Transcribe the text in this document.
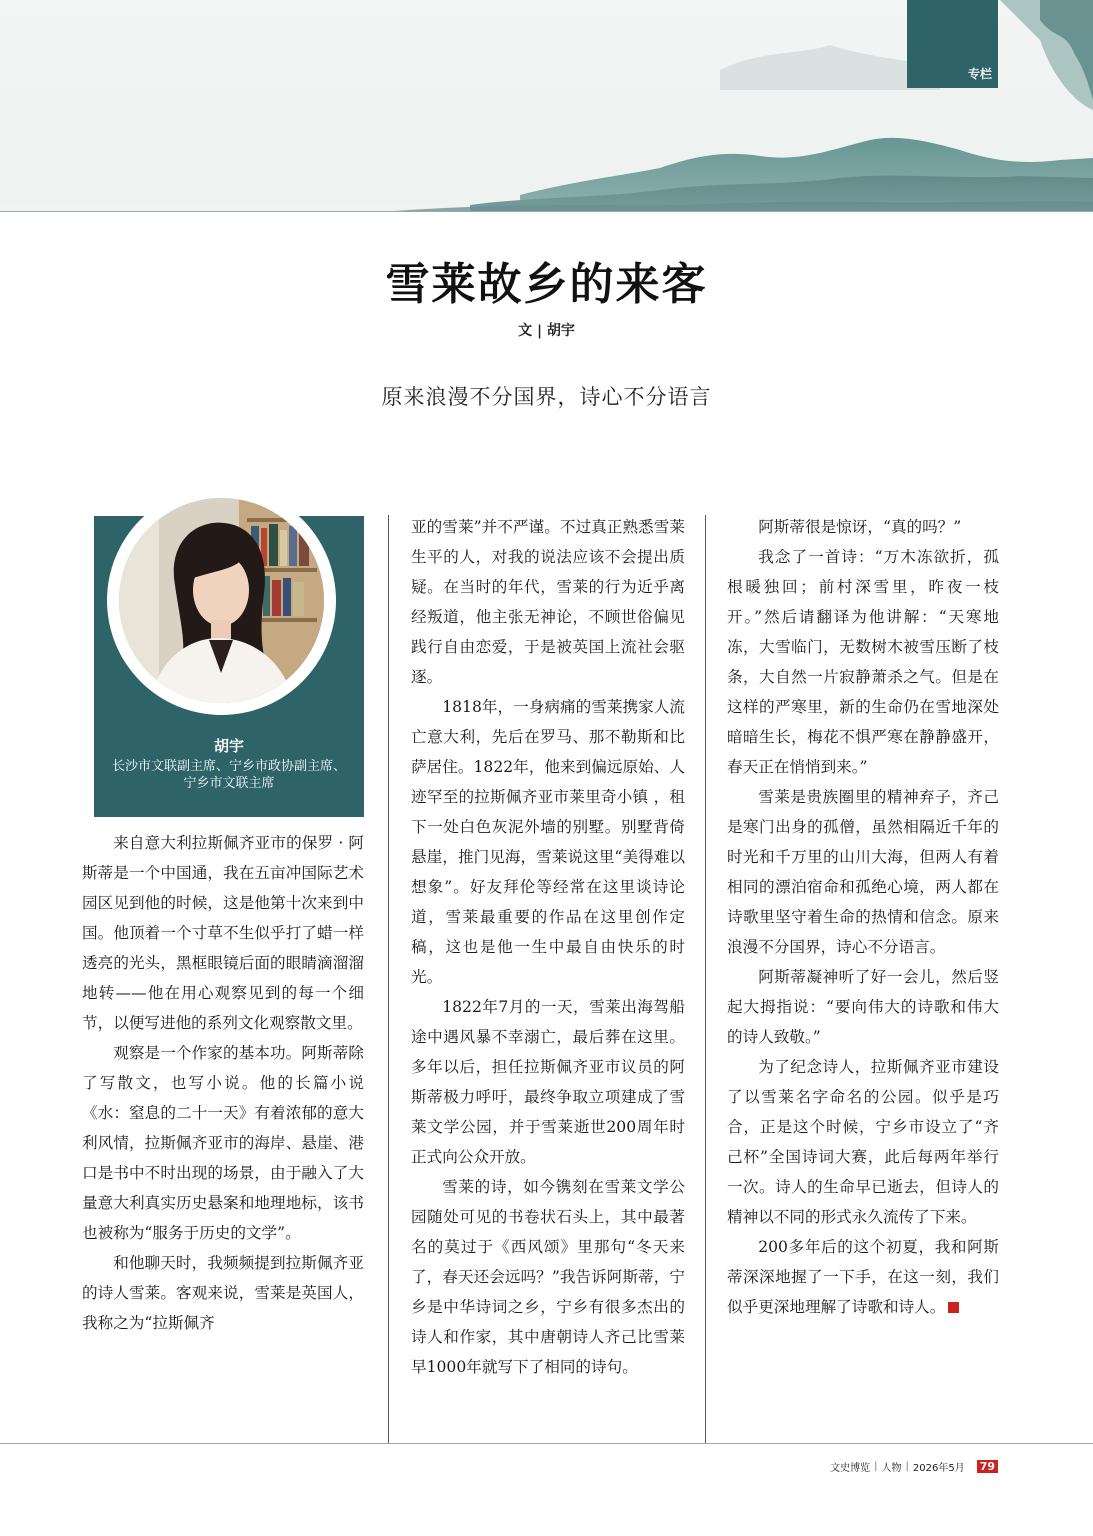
专栏
雪莱故乡的来客
文 | 胡宇
原来浪漫不分国界，诗心不分语言
胡宇
长沙市文联副主席、宁乡市政协副主席、
宁乡市文联主席

来自意大利拉斯佩齐亚市的保罗 · 阿斯蒂是一个中国通，我在五亩冲国际艺术园区见到他的时候，这是他第十次来到中国。他顶着一个寸草不生似乎打了蜡一样透亮的光头，黑框眼镜后面的眼睛滴溜溜地转——他在用心观察见到的每一个细节，以便写进他的系列文化观察散文里。

观察是一个作家的基本功。阿斯蒂除了写散文，也写小说。他的长篇小说《水：窒息的二十一天》有着浓郁的意大利风情，拉斯佩齐亚市的海岸、悬崖、港口是书中不时出现的场景，由于融入了大量意大利真实历史悬案和地理地标，该书也被称为“服务于历史的文学”。

和他聊天时，我频频提到拉斯佩齐亚的诗人雪莱。客观来说，雪莱是英国人，我称之为“拉斯佩齐

亚的雪莱”并不严谨。不过真正熟悉雪莱生平的人，对我的说法应该不会提出质疑。在当时的年代，雪莱的行为近乎离经叛道，他主张无神论，不顾世俗偏见践行自由恋爱，于是被英国上流社会驱逐。

1818年，一身病痛的雪莱携家人流亡意大利，先后在罗马、那不勒斯和比萨居住。1822年，他来到偏远原始、人迹罕至的拉斯佩齐亚市莱里奇小镇 ，租下一处白色灰泥外墙的别墅。别墅背倚悬崖，推门见海，雪莱说这里“美得难以想象”。好友拜伦等经常在这里谈诗论道，雪莱最重要的作品在这里创作定稿，这也是他一生中最自由快乐的时光。

1822年7月的一天，雪莱出海驾船途中遇风暴不幸溺亡，最后葬在这里。多年以后，担任拉斯佩齐亚市议员的阿斯蒂极力呼吁，最终争取立项建成了雪莱文学公园，并于雪莱逝世200周年时正式向公众开放。

雪莱的诗，如今镌刻在雪莱文学公园随处可见的书卷状石头上，其中最著名的莫过于《西风颂》里那句“冬天来了，春天还会远吗？”我告诉阿斯蒂，宁乡是中华诗词之乡，宁乡有很多杰出的诗人和作家，其中唐朝诗人齐己比雪莱早1000年就写下了相同的诗句。

阿斯蒂很是惊讶，“真的吗？”

我念了一首诗：“万木冻欲折，孤根暖独回；前村深雪里，昨夜一枝开。”然后请翻译为他讲解：“天寒地冻，大雪临门，无数树木被雪压断了枝条，大自然一片寂静萧杀之气。但是在这样的严寒里，新的生命仍在雪地深处暗暗生长，梅花不惧严寒在静静盛开，春天正在悄悄到来。”

雪莱是贵族圈里的精神弃子，齐己是寒门出身的孤僧，虽然相隔近千年的时光和千万里的山川大海，但两人有着相同的漂泊宿命和孤绝心境，两人都在诗歌里坚守着生命的热情和信念。原来浪漫不分国界，诗心不分语言。

阿斯蒂凝神听了好一会儿，然后竖起大拇指说：“要向伟大的诗歌和伟大的诗人致敬。”

为了纪念诗人，拉斯佩齐亚市建设了以雪莱名字命名的公园。似乎是巧合，正是这个时候，宁乡市设立了“齐己杯”全国诗词大赛，此后每两年举行一次。诗人的生命早已逝去，但诗人的精神以不同的形式永久流传了下来。

200多年后的这个初夏，我和阿斯蒂深深地握了一下手，在这一刻，我们似乎更深地理解了诗歌和诗人。

文史博览 | 人物 | 2026年5月 79
